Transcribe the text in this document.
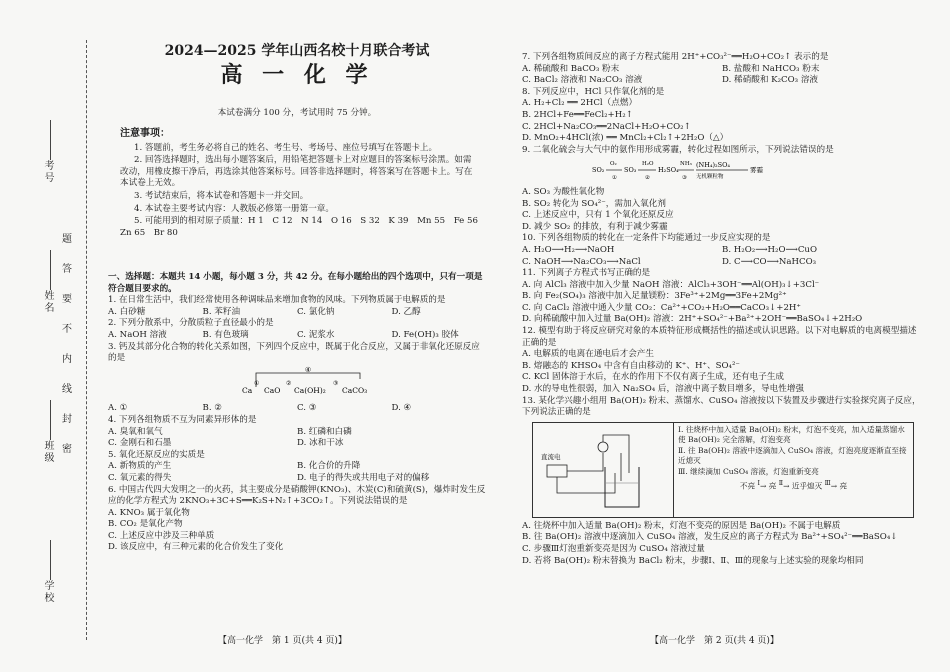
考号
姓名
班级
学校
题
答
要
不
内
线
封
密
2024—2025 学年山西名校十月联合考试
高 一 化 学
本试卷满分 100 分，考试用时 75 分钟。
注意事项：

1. 答题前，考生务必将自己的姓名、考生号、考场号、座位号填写在答题卡上。

2. 回答选择题时，选出每小题答案后，用铅笔把答题卡上对应题目的答案标号涂黑。如需改动，用橡皮擦干净后，再选涂其他答案标号。回答非选择题时，将答案写在答题卡上。写在本试卷上无效。

3. 考试结束后，将本试卷和答题卡一并交回。

4. 本试卷主要考试内容：人教版必修第一册第一章。

5. 可能用到的相对原子质量：H 1　C 12　N 14　O 16　S 32　K 39　Mn 55　Fe 56　Zn 65　Br 80

一、选择题：本题共 14 小题，每小题 3 分，共 42 分。在每小题给出的四个选项中，只有一项是符合题目要求的。

1. 在日常生活中，我们经常使用各种调味品来增加食物的风味。下列物质属于电解质的是

A. 白砂糖	B. 苯籽油	C. 氯化钠	D. 乙醇

2. 下列分散系中，分散质粒子直径最小的是

A. NaOH 溶液	B. 有色玻璃	C. 泥浆水	D. Fe(OH)₃ 胶体

3. 钙及其部分化合物的转化关系如图，下列四个反应中，既属于化合反应，又属于非氧化还原反应的是

④
Ca
①
CaO
②
Ca(OH)₂
③
CaCO₃
A. ①	B. ②	C. ③	D. ④

4. 下列各组物质不互为同素异形体的是

A. 臭氧和氧气	B. 红磷和白磷
C. 金刚石和石墨	D. 冰和干冰

5. 氧化还原反应的实质是

A. 新物质的产生	B. 化合价的升降
C. 氧元素的得失	D. 电子的得失或共用电子对的偏移

6. 中国古代四大发明之一的火药，其主要成分是硝酸钾(KNO₃)、木炭(C)和硫黄(S)，爆炸时发生反应的化学方程式为 2KNO₃+3C+S══K₂S+N₂↑+3CO₂↑。下列说法错误的是

A. KNO₃ 属于氧化物
B. CO₂ 是氧化产物
C. 上述反应中涉及三种单质
D. 该反应中，有三种元素的化合价发生了变化
【高一化学　第 1 页(共 4 页)】

7. 下列各组物质间反应的离子方程式能用 2H⁺+CO₃²⁻══H₂O+CO₂↑ 表示的是

A. 稀硫酸和 BaCO₃ 粉末	B. 盐酸和 NaHCO₃ 粉末
C. BaCl₂ 溶液和 Na₂CO₃ 溶液	D. 稀硝酸和 K₂CO₃ 溶液

8. 下列反应中，HCl 只作氧化剂的是

A. H₂+Cl₂ ══ 2HCl（点燃）
B. 2HCl+Fe══FeCl₂+H₂↑
C. 2HCl+Na₂CO₃══2NaCl+H₂O+CO₂↑
D. MnO₂+4HCl(浓) ══ MnCl₂+Cl₂↑+2H₂O（△）

9. 二氧化硫会与大气中的氨作用形成雾霾，转化过程如图所示，下列说法错误的是

SO₂
O₂
①
SO₃
H₂O
②
H₂SO₄
NH₃
③
(NH₄)₂SO₄
无机颗粒物
雾霾
A. SO₃ 为酸性氧化物
B. SO₂ 转化为 SO₄²⁻，需加入氧化剂
C. 上述反应中，只有 1 个氧化还原反应
D. 减少 SO₂ 的排放，有利于减少雾霾

10. 下列各组物质的转化在一定条件下均能通过一步反应实现的是

A. H₂O⟶H₂⟶NaOH	B. H₂O₂⟶H₂O⟶CuO
C. NaOH⟶Na₂CO₃⟶NaCl	D. C⟶CO⟶NaHCO₃

11. 下列离子方程式书写正确的是

A. 向 AlCl₃ 溶液中加入少量 NaOH 溶液：AlCl₃+3OH⁻══Al(OH)₃↓+3Cl⁻
B. 向 Fe₂(SO₄)₃ 溶液中加入足量镁粉：3Fe³⁺+2Mg══3Fe+2Mg²⁺
C. 向 CaCl₂ 溶液中通入少量 CO₂：Ca²⁺+CO₂+H₂O══CaCO₃↓+2H⁺
D. 向稀硫酸中加入过量 Ba(OH)₂ 溶液：2H⁺+SO₄²⁻+Ba²⁺+2OH⁻══BaSO₄↓+2H₂O

12. 模型有助于将反应研究对象的本质特征形成概括性的描述或认识思路。以下对电解质的电离模型描述正确的是

A. 电解质的电离在通电后才会产生
B. 熔融态的 KHSO₄ 中含有自由移动的 K⁺、H⁺、SO₄²⁻
C. KCl 固体溶于水后，在水的作用下不仅有离子生成，还有电子生成
D. 水的导电性很弱，加入 Na₂SO₄ 后，溶液中离子数目增多，导电性增强

13. 某化学兴趣小组用 Ba(OH)₂ 粉末、蒸馏水、CuSO₄ 溶液按以下装置及步骤进行实验探究离子反应，下列说法正确的是

直流电
Ⅰ. 往烧杯中加入适量 Ba(OH)₂ 粉末，灯泡不变亮，加入适量蒸馏水使 Ba(OH)₂ 完全溶解，灯泡变亮
Ⅱ. 往 Ba(OH)₂ 溶液中逐滴加入 CuSO₄ 溶液，灯泡亮度逐渐直至接近熄灭
Ⅲ. 继续滴加 CuSO₄ 溶液，灯泡重新变亮
不亮 $^Ⅰ$→ 亮 $^Ⅱ$→ 近乎熄灭 $^Ⅲ$→ 亮
A. 往烧杯中加入适量 Ba(OH)₂ 粉末，灯泡不变亮的原因是 Ba(OH)₂ 不属于电解质
B. 往 Ba(OH)₂ 溶液中逐滴加入 CuSO₄ 溶液，发生反应的离子方程式为 Ba²⁺+SO₄²⁻══BaSO₄↓
C. 步骤Ⅲ灯泡重新变亮是因为 CuSO₄ 溶液过量
D. 若将 Ba(OH)₂ 粉末替换为 BaCl₂ 粉末，步骤Ⅰ、Ⅱ、Ⅲ的现象与上述实验的现象均相同
【高一化学　第 2 页(共 4 页)】
